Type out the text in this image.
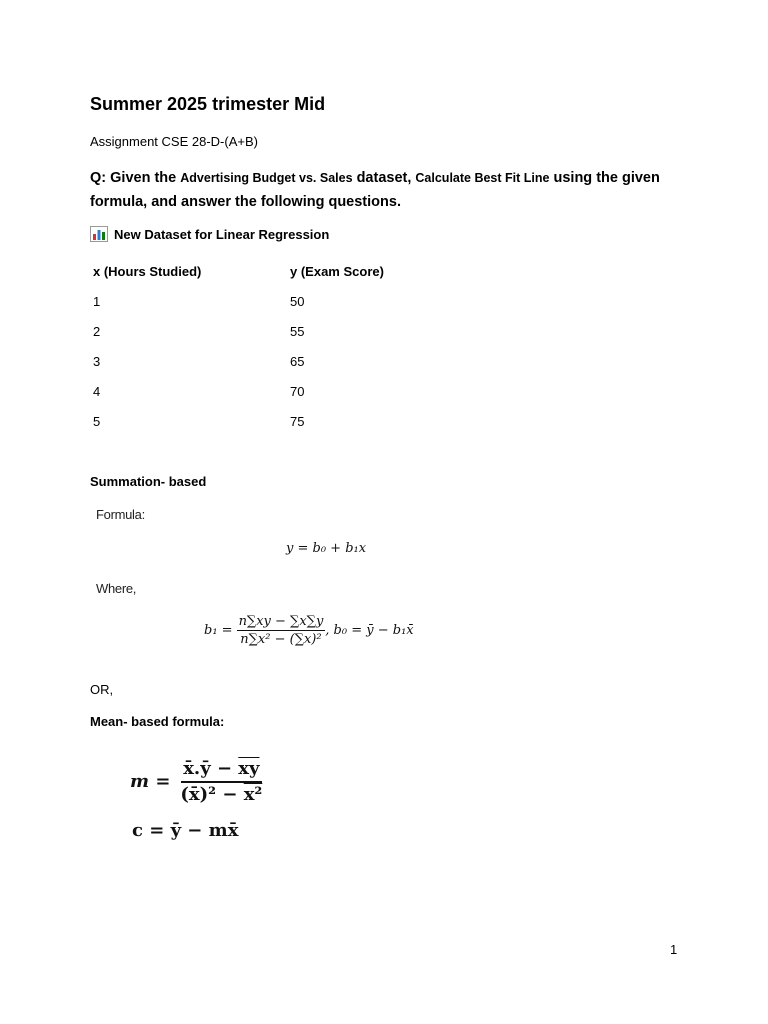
Summer 2025 trimester Mid
Assignment CSE 28-D-(A+B)
Q: Given the Advertising Budget vs. Sales dataset, Calculate Best Fit Line using the given formula, and answer the following questions.
New Dataset for Linear Regression
x (Hours Studied)	y (Exam Score)
1	50
2	55
3	65
4	70
5	75
Summation- based
Formula:
y = b₀ + b₁x
Where,
$b_1 = \frac{n\sum xy - \sum x\sum y}{\text{n∑x² − (∑x)²}}$ , b₀ = ȳ − b₁x̄
OR,
Mean- based formula:
$m = \frac{x̄.ȳ - \overline{xy}}{\text{(x̄)² − x²}}$
c = ȳ − mx̄
1
